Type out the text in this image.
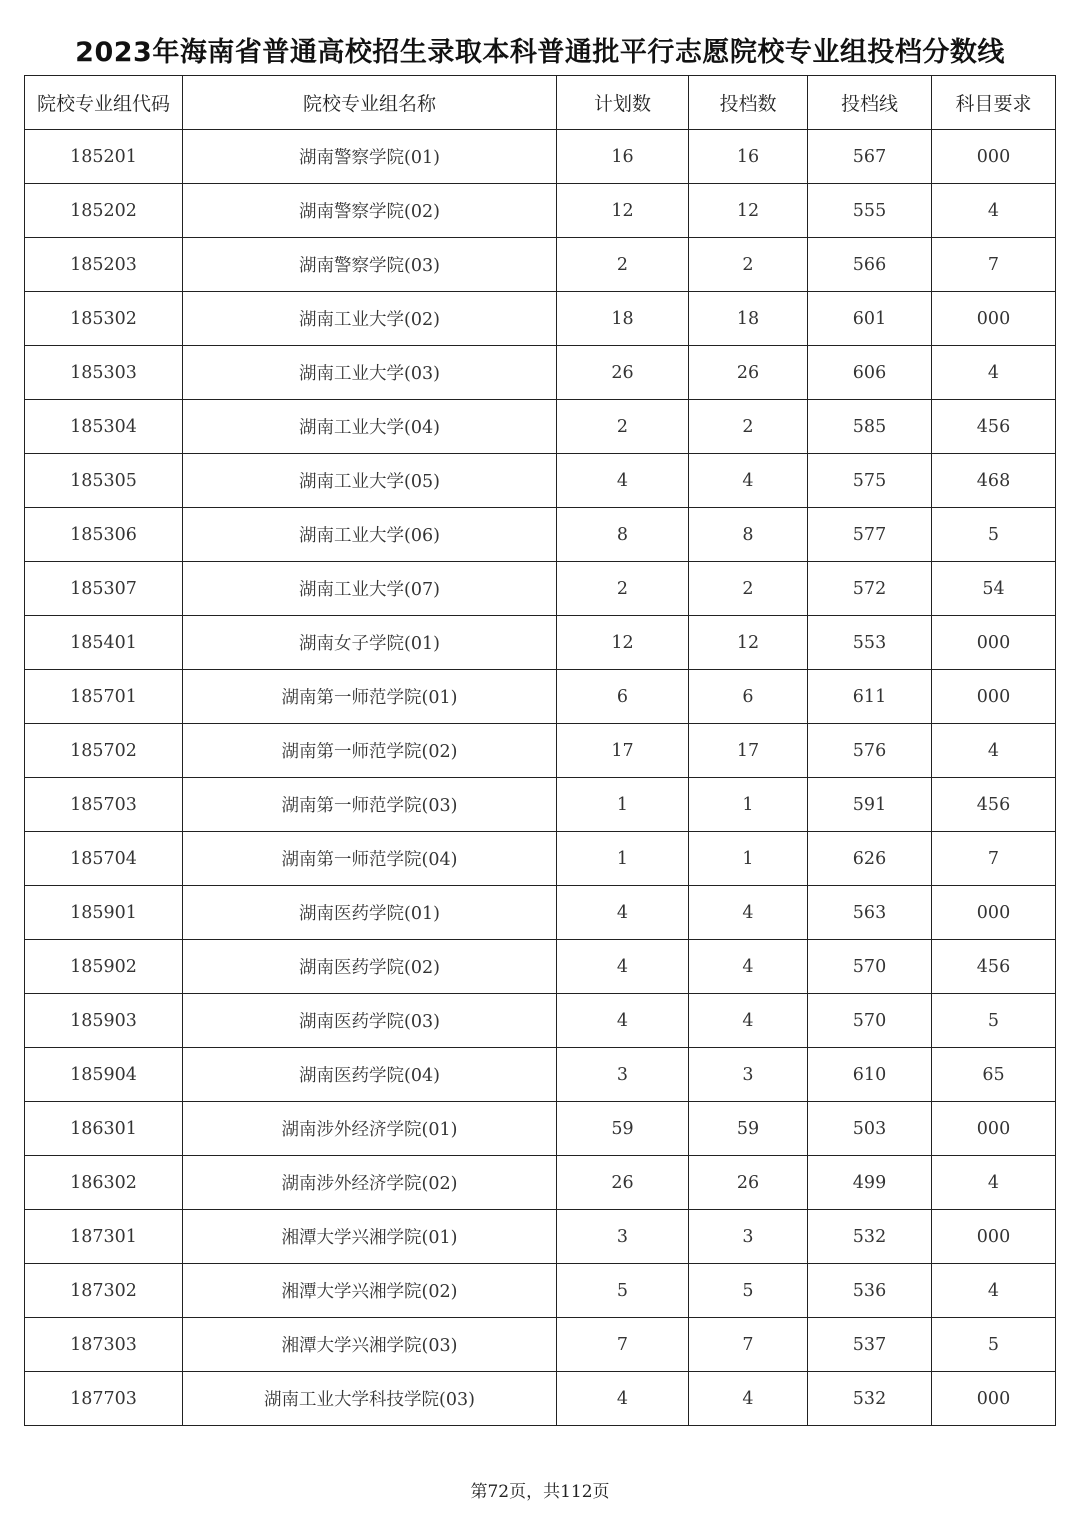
2023年海南省普通高校招生录取本科普通批平行志愿院校专业组投档分数线
院校专业组代码	院校专业组名称	计划数	投档数	投档线	科目要求
185201	湖南警察学院(01)	16	16	567	000
185202	湖南警察学院(02)	12	12	555	4
185203	湖南警察学院(03)	2	2	566	7
185302	湖南工业大学(02)	18	18	601	000
185303	湖南工业大学(03)	26	26	606	4
185304	湖南工业大学(04)	2	2	585	456
185305	湖南工业大学(05)	4	4	575	468
185306	湖南工业大学(06)	8	8	577	5
185307	湖南工业大学(07)	2	2	572	54
185401	湖南女子学院(01)	12	12	553	000
185701	湖南第一师范学院(01)	6	6	611	000
185702	湖南第一师范学院(02)	17	17	576	4
185703	湖南第一师范学院(03)	1	1	591	456
185704	湖南第一师范学院(04)	1	1	626	7
185901	湖南医药学院(01)	4	4	563	000
185902	湖南医药学院(02)	4	4	570	456
185903	湖南医药学院(03)	4	4	570	5
185904	湖南医药学院(04)	3	3	610	65
186301	湖南涉外经济学院(01)	59	59	503	000
186302	湖南涉外经济学院(02)	26	26	499	4
187301	湘潭大学兴湘学院(01)	3	3	532	000
187302	湘潭大学兴湘学院(02)	5	5	536	4
187303	湘潭大学兴湘学院(03)	7	7	537	5
187703	湖南工业大学科技学院(03)	4	4	532	000
第72页，共112页
